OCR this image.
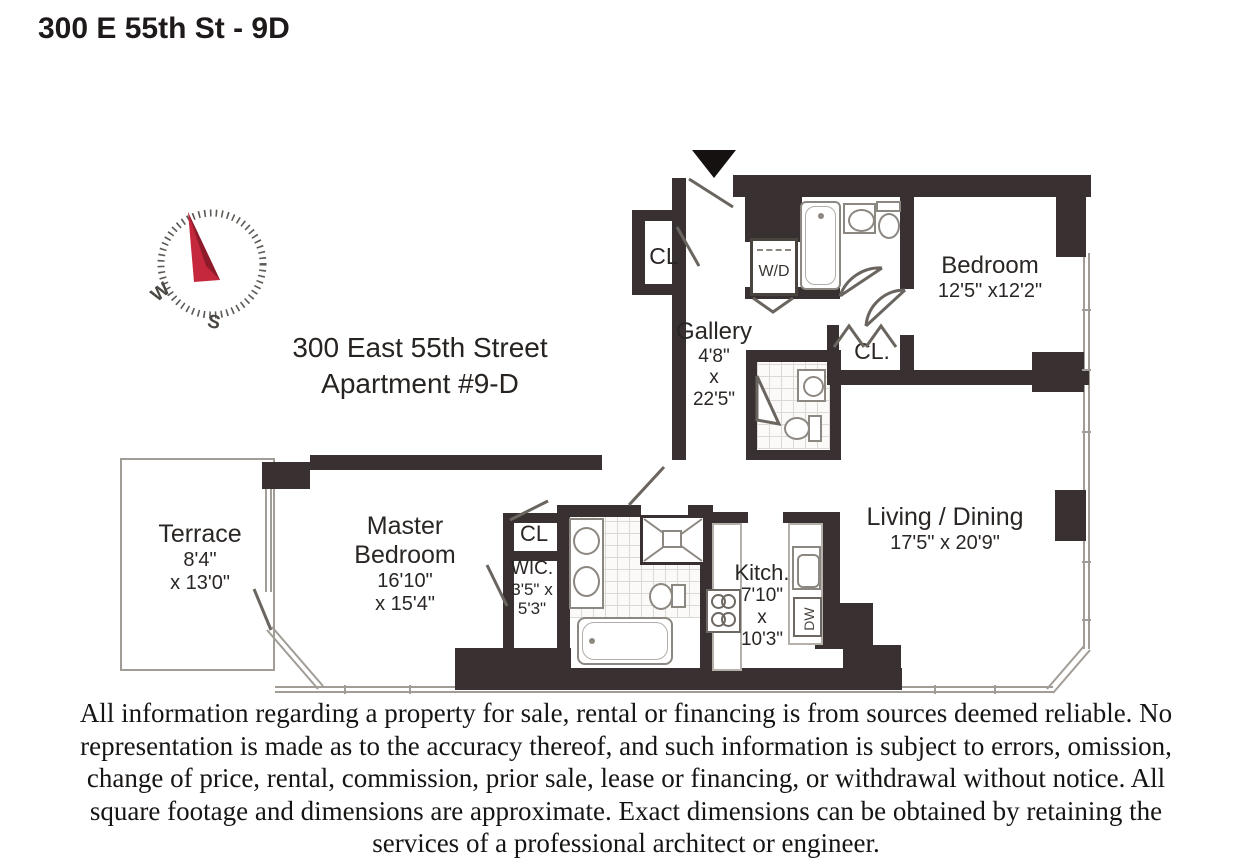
300 E 55th St - 9D
300 East 55th Street
Apartment #9-D
W/D
DW
Bedroom
12'5" x12'2"
Gallery
4'8"
x
22'5"
Living / Dining
17'5" x 20'9"
Master
Bedroom
16'10"
x 15'4"
Terrace
8'4"
x 13'0"	Kitch.
7'10"
x
10'3"
WIC.
3'5" x
5'3"
CL
CL.
CL
W
S
All information regarding a property for sale, rental or financing is from sources deemed reliable. No
representation is made as to the accuracy thereof, and such information is subject to errors, omission,
change of price, rental, commission, prior sale, lease or financing, or withdrawal without notice. All
square footage and dimensions are approximate. Exact dimensions can be obtained by retaining the
services of a professional architect or engineer.
